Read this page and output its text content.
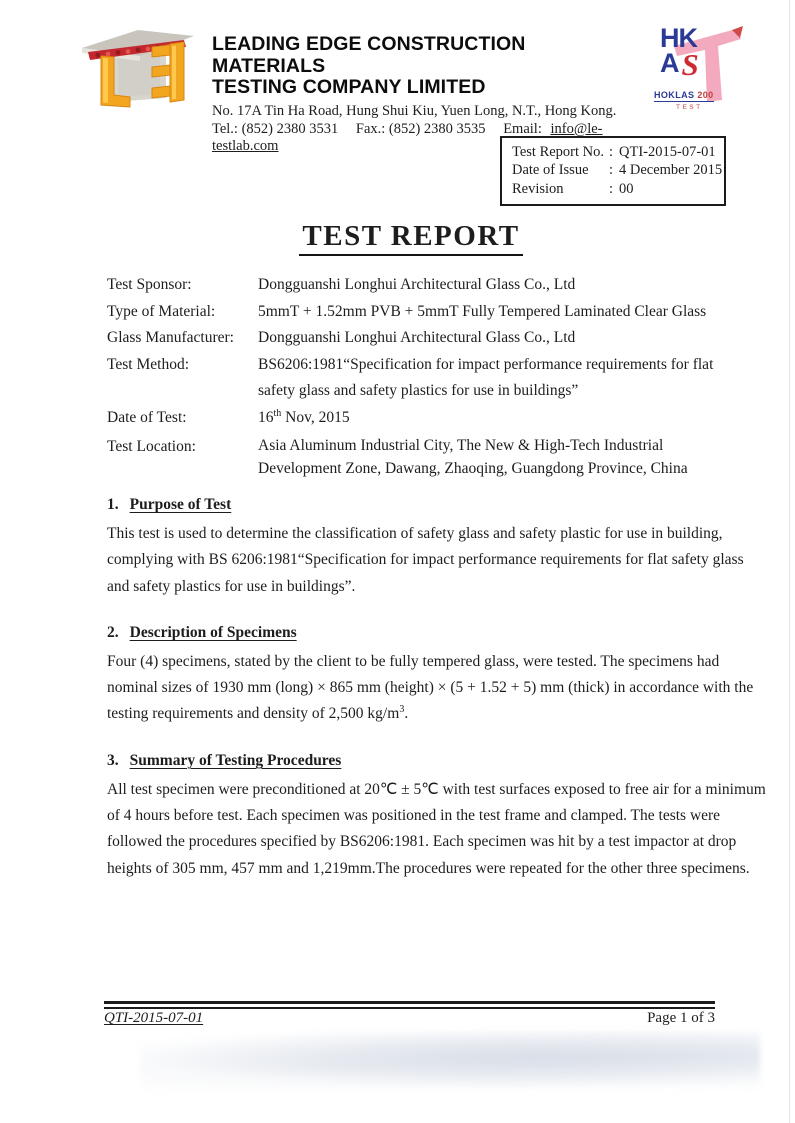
LEADING EDGE CONSTRUCTION MATERIALS
TESTING COMPANY LIMITED
No. 17A Tin Ha Road, Hung Shui Kiu, Yuen Long, N.T., Hong Kong.
Tel.: (852) 2380 3531 Fax.: (852) 2380 3535 Email: info@le-testlab.com
HK
AS
HOKLAS 200
TEST
Test Report No. : QTI-2015-07-01
Date of Issue	: 4 December 2015
Revision	: 00
TEST REPORT
Test Sponsor:	Dongguanshi Longhui Architectural Glass Co., Ltd
Type of Material:	5mmT + 1.52mm PVB + 5mmT Fully Tempered Laminated Clear Glass
Glass Manufacturer:	Dongguanshi Longhui Architectural Glass Co., Ltd
Test Method:	BS6206:1981“Specification for impact performance requirements for flat
safety glass and safety plastics for use in buildings”
Date of Test:	16th Nov, 2015
Test Location:	Asia Aluminum Industrial City, The New & High-Tech Industrial
Development Zone, Dawang, Zhaoqing, Guangdong Province, China
1. Purpose of Test
This test is used to determine the classification of safety glass and safety plastic for use in building,
complying with BS 6206:1981“Specification for impact performance requirements for flat safety glass
and safety plastics for use in buildings”.
2. Description of Specimens
Four (4) specimens, stated by the client to be fully tempered glass, were tested. The specimens had
nominal sizes of 1930 mm (long) × 865 mm (height) × (5 + 1.52 + 5) mm (thick) in accordance with the
testing requirements and density of 2,500 $kg/m^3$.
3. Summary of Testing Procedures
All test specimen were preconditioned at 20℃ ± 5℃ with test surfaces exposed to free air for a minimum
of 4 hours before test. Each specimen was positioned in the test frame and clamped. The tests were
followed the procedures specified by BS6206:1981. Each specimen was hit by a test impactor at drop
heights of 305 mm, 457 mm and 1,219mm.The procedures were repeated for the other three specimens.
QTI-2015-07-01	Page 1 of 3
